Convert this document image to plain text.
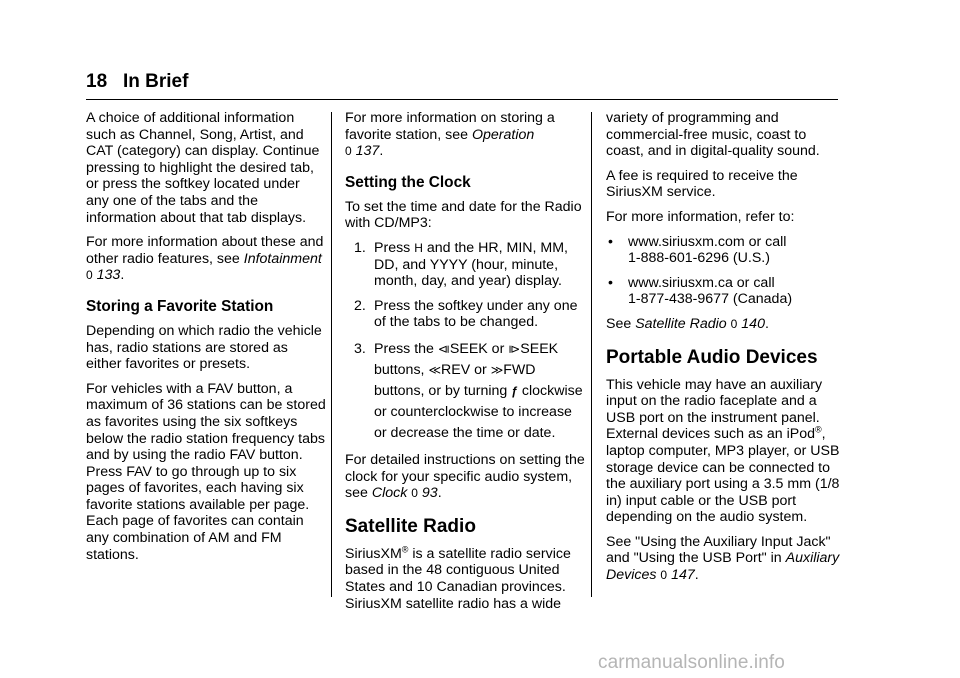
18 In Brief

A choice of additional information such as Channel, Song, Artist, and CAT (category) can display. Continue pressing to highlight the desired tab, or press the softkey located under any one of the tabs and the information about that tab displays.

For more information about these and other radio features, see Infotainment 0 133.

Storing a Favorite Station

Depending on which radio the vehicle has, radio stations are stored as either favorites or presets.

For vehicles with a FAV button, a maximum of 36 stations can be stored as favorites using the six softkeys below the radio station frequency tabs and by using the radio FAV button. Press FAV to go through up to six pages of favorites, each having six favorite stations available per page. Each page of favorites can contain any combination of AM and FM stations.

For more information on storing a favorite station, see Operation
0 137.

Setting the Clock

To set the time and date for the Radio with CD/MP3:

1. Press H and the HR, MIN, MM, DD, and YYYY (hour, minute, month, day, and year) display.
2. Press the softkey under any one of the tabs to be changed.
3. Press the ⧏SEEK or ⧐SEEK buttons, ≪REV or ≫FWD buttons, or by turning ƒ clockwise or counterclockwise to increase or decrease the time or date.

For detailed instructions on setting the clock for your specific audio system, see Clock 0 93.

Satellite Radio

SiriusXM® is a satellite radio service based in the 48 contiguous United States and 10 Canadian provinces. SiriusXM satellite radio has a wide

variety of programming and commercial-free music, coast to coast, and in digital-quality sound.

A fee is required to receive the SiriusXM service.

For more information, refer to:

• www.siriusxm.com or call
1-888-601-6296 (U.S.)
• www.siriusxm.ca or call
1-877-438-9677 (Canada)

See Satellite Radio 0 140.

Portable Audio Devices

This vehicle may have an auxiliary input on the radio faceplate and a USB port on the instrument panel. External devices such as an iPod®, laptop computer, MP3 player, or USB storage device can be connected to the auxiliary port using a 3.5 mm (1/8 in) input cable or the USB port depending on the audio system.

See "Using the Auxiliary Input Jack" and "Using the USB Port" in Auxiliary Devices 0 147.

carmanualsonline.info
